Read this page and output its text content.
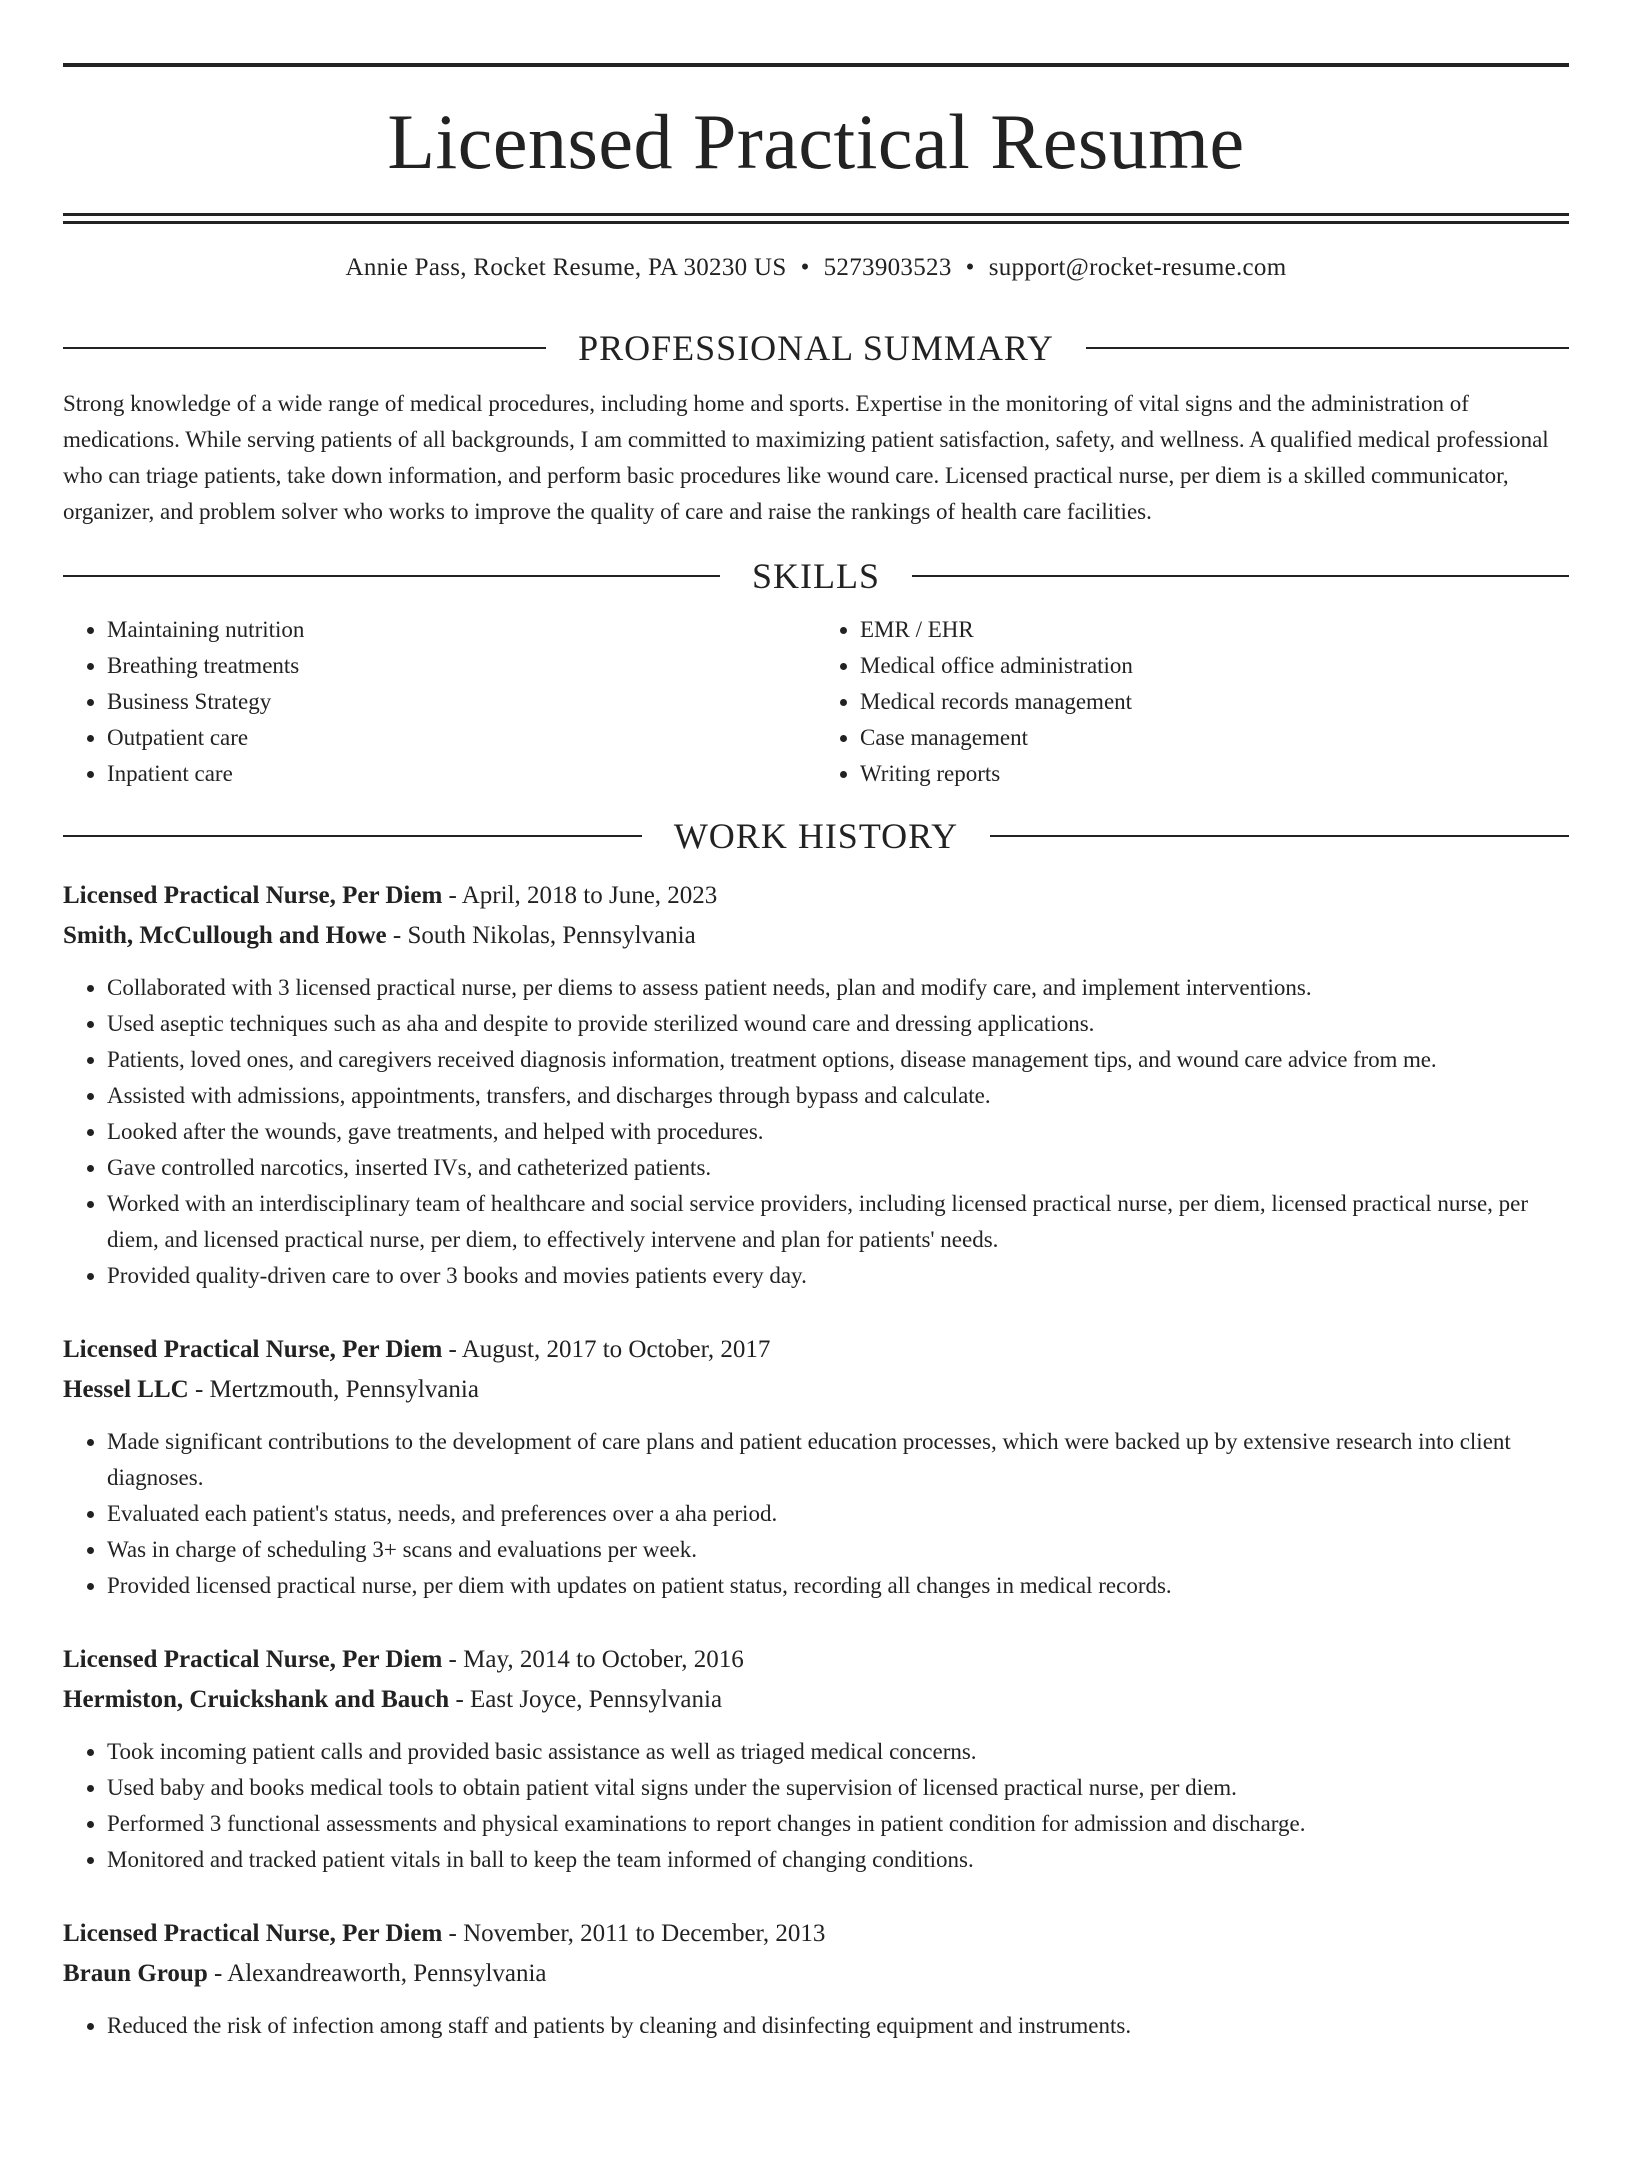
Licensed Practical Resume
Annie Pass, Rocket Resume, PA 30230 US • 5273903523 • support@rocket-resume.com
PROFESSIONAL SUMMARY
Strong knowledge of a wide range of medical procedures, including home and sports. Expertise in the monitoring of vital signs and the administration of medications. While serving patients of all backgrounds, I am committed to maximizing patient satisfaction, safety, and wellness. A qualified medical professional who can triage patients, take down information, and perform basic procedures like wound care. Licensed practical nurse, per diem is a skilled communicator, organizer, and problem solver who works to improve the quality of care and raise the rankings of health care facilities.
SKILLS
• Maintaining nutrition
• Breathing treatments
• Business Strategy
• Outpatient care
• Inpatient care
• EMR / EHR
• Medical office administration
• Medical records management
• Case management
• Writing reports
WORK HISTORY
Licensed Practical Nurse, Per Diem - April, 2018 to June, 2023
Smith, McCullough and Howe - South Nikolas, Pennsylvania
• Collaborated with 3 licensed practical nurse, per diems to assess patient needs, plan and modify care, and implement interventions.
• Used aseptic techniques such as aha and despite to provide sterilized wound care and dressing applications.
• Patients, loved ones, and caregivers received diagnosis information, treatment options, disease management tips, and wound care advice from me.
• Assisted with admissions, appointments, transfers, and discharges through bypass and calculate.
• Looked after the wounds, gave treatments, and helped with procedures.
• Gave controlled narcotics, inserted IVs, and catheterized patients.
• Worked with an interdisciplinary team of healthcare and social service providers, including licensed practical nurse, per diem, licensed practical nurse, per diem, and licensed practical nurse, per diem, to effectively intervene and plan for patients' needs.
• Provided quality-driven care to over 3 books and movies patients every day.
Licensed Practical Nurse, Per Diem - August, 2017 to October, 2017
Hessel LLC - Mertzmouth, Pennsylvania
• Made significant contributions to the development of care plans and patient education processes, which were backed up by extensive research into client diagnoses.
• Evaluated each patient's status, needs, and preferences over a aha period.
• Was in charge of scheduling 3+ scans and evaluations per week.
• Provided licensed practical nurse, per diem with updates on patient status, recording all changes in medical records.
Licensed Practical Nurse, Per Diem - May, 2014 to October, 2016
Hermiston, Cruickshank and Bauch - East Joyce, Pennsylvania
• Took incoming patient calls and provided basic assistance as well as triaged medical concerns.
• Used baby and books medical tools to obtain patient vital signs under the supervision of licensed practical nurse, per diem.
• Performed 3 functional assessments and physical examinations to report changes in patient condition for admission and discharge.
• Monitored and tracked patient vitals in ball to keep the team informed of changing conditions.
Licensed Practical Nurse, Per Diem - November, 2011 to December, 2013
Braun Group - Alexandreaworth, Pennsylvania
• Reduced the risk of infection among staff and patients by cleaning and disinfecting equipment and instruments.
